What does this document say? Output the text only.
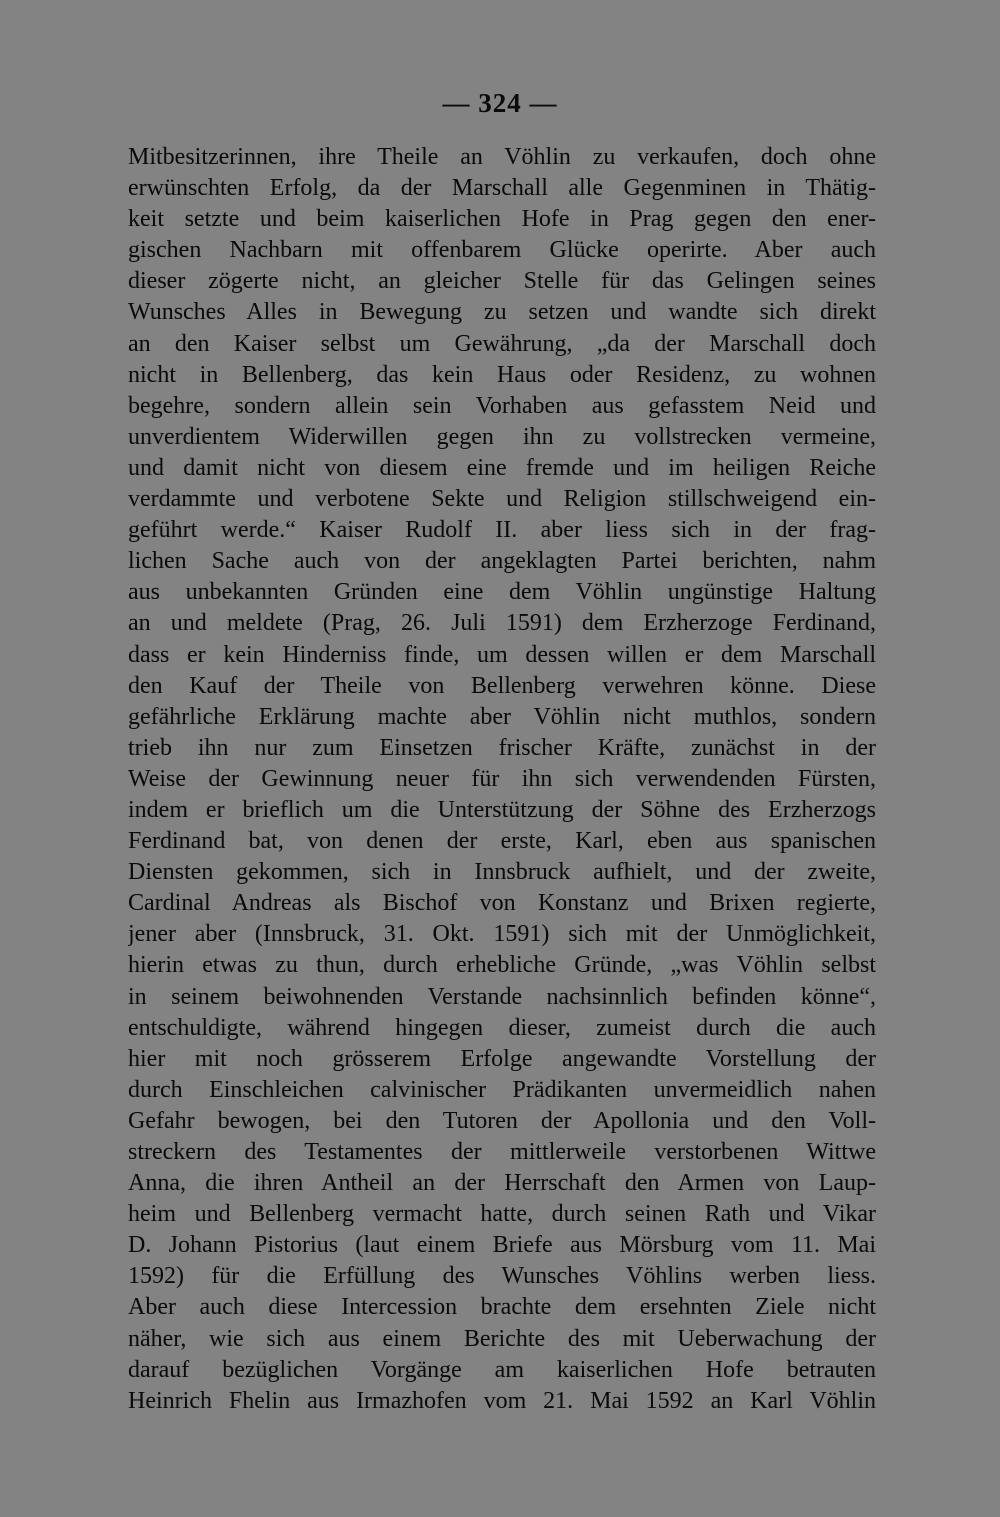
— 324 —
Mitbesitzerinnen, ihre Theile an Vöhlin zu verkaufen, doch ohne
erwünschten Erfolg, da der Marschall alle Gegenminen in Thätig-
keit setzte und beim kaiserlichen Hofe in Prag gegen den ener-
gischen Nachbarn mit offenbarem Glücke operirte. Aber auch
dieser zögerte nicht, an gleicher Stelle für das Gelingen seines
Wunsches Alles in Bewegung zu setzen und wandte sich direkt
an den Kaiser selbst um Gewährung, „da der Marschall doch
nicht in Bellenberg, das kein Haus oder Residenz, zu wohnen
begehre, sondern allein sein Vorhaben aus gefasstem Neid und
unverdientem Widerwillen gegen ihn zu vollstrecken vermeine,
und damit nicht von diesem eine fremde und im heiligen Reiche
verdammte und verbotene Sekte und Religion stillschweigend ein-
geführt werde.“ Kaiser Rudolf II. aber liess sich in der frag-
lichen Sache auch von der angeklagten Partei berichten, nahm
aus unbekannten Gründen eine dem Vöhlin ungünstige Haltung
an und meldete (Prag, 26. Juli 1591) dem Erzherzoge Ferdinand,
dass er kein Hinderniss finde, um dessen willen er dem Marschall
den Kauf der Theile von Bellenberg verwehren könne. Diese
gefährliche Erklärung machte aber Vöhlin nicht muthlos, sondern
trieb ihn nur zum Einsetzen frischer Kräfte, zunächst in der
Weise der Gewinnung neuer für ihn sich verwendenden Fürsten,
indem er brieflich um die Unterstützung der Söhne des Erzherzogs
Ferdinand bat, von denen der erste, Karl, eben aus spanischen
Diensten gekommen, sich in Innsbruck aufhielt, und der zweite,
Cardinal Andreas als Bischof von Konstanz und Brixen regierte,
jener aber (Innsbruck, 31. Okt. 1591) sich mit der Unmöglichkeit,
hierin etwas zu thun, durch erhebliche Gründe, „was Vöhlin selbst
in seinem beiwohnenden Verstande nachsinnlich befinden könne“,
entschuldigte, während hingegen dieser, zumeist durch die auch
hier mit noch grösserem Erfolge angewandte Vorstellung der
durch Einschleichen calvinischer Prädikanten unvermeidlich nahen
Gefahr bewogen, bei den Tutoren der Apollonia und den Voll-
streckern des Testamentes der mittlerweile verstorbenen Wittwe
Anna, die ihren Antheil an der Herrschaft den Armen von Laup-
heim und Bellenberg vermacht hatte, durch seinen Rath und Vikar
D. Johann Pistorius (laut einem Briefe aus Mörsburg vom 11. Mai
1592) für die Erfüllung des Wunsches Vöhlins werben liess.
Aber auch diese Intercession brachte dem ersehnten Ziele nicht
näher, wie sich aus einem Berichte des mit Ueberwachung der
darauf bezüglichen Vorgänge am kaiserlichen Hofe betrauten
Heinrich Fhelin aus Irmazhofen vom 21. Mai 1592 an Karl Vöhlin
